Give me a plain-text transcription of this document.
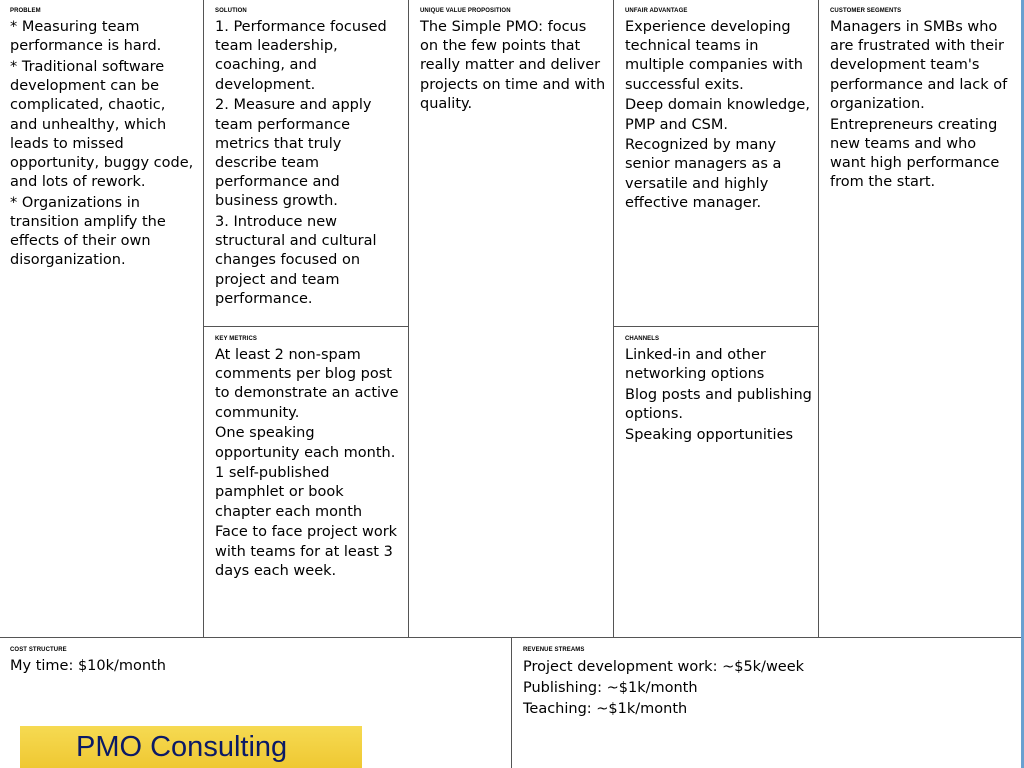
PROBLEM

* Measuring team performance is hard.

* Traditional software development can be complicated, chaotic, and unhealthy, which leads to missed opportunity, buggy code, and lots of rework.

* Organizations in transition amplify the effects of their own disorganization.

SOLUTION

1. Performance focused team leadership, coaching, and development.

2. Measure and apply team performance metrics that truly describe team performance and business growth.

3. Introduce new structural and cultural changes focused on project and team performance.

KEY METRICS

At least 2 non-spam comments per blog post to demonstrate an active community.

One speaking opportunity each month.

1 self-published pamphlet or book chapter each month

Face to face project work with teams for at least 3 days each week.

UNIQUE VALUE PROPOSITION

The Simple PMO: focus on the few points that really matter and deliver projects on time and with quality.

UNFAIR ADVANTAGE

Experience developing technical teams in multiple companies with successful exits.

Deep domain knowledge, PMP and CSM.

Recognized by many senior managers as a versatile and highly effective manager.

CHANNELS

Linked-in and other networking options

Blog posts and publishing options.

Speaking opportunities

CUSTOMER SEGMENTS

Managers in SMBs who are frustrated with their development team's performance and lack of organization.

Entrepreneurs creating new teams and who want high performance from the start.

COST STRUCTURE

My time: $10k/month

REVENUE STREAMS

Project development work: ~$5k/week

Publishing: ~$1k/month

Teaching: ~$1k/month

PMO Consulting
